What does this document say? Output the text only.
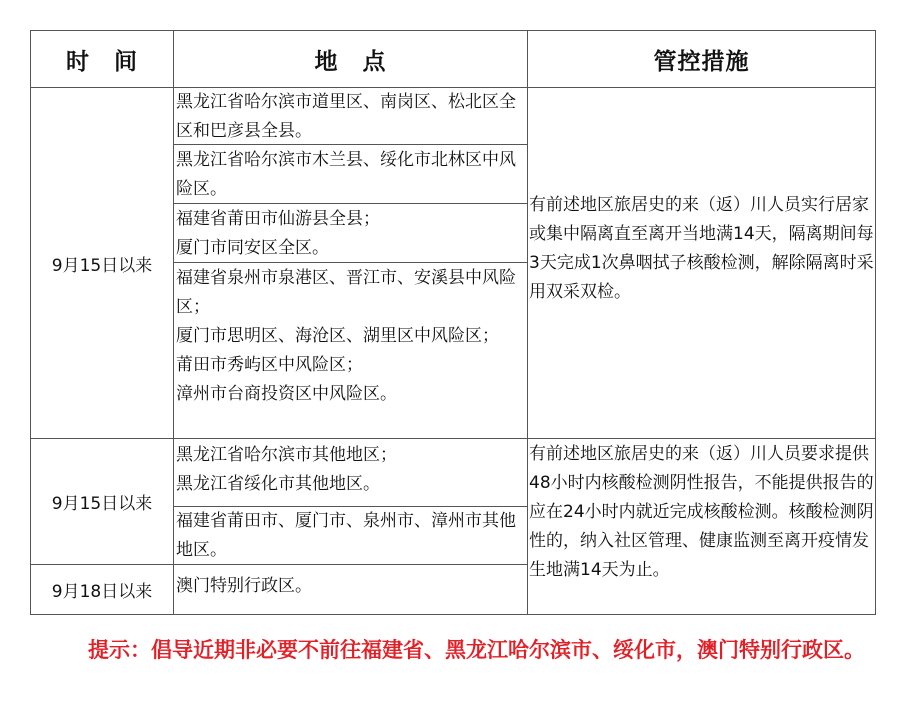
时　间	地　点	管控措施
9月15日以来
9月15日以来
9月18日以来
黑龙江省哈尔滨市道里区、南岗区、松北区全区和巴彦县全县。
黑龙江省哈尔滨市木兰县、绥化市北林区中风险区。
福建省莆田市仙游县全县；
厦门市同安区全区。
福建省泉州市泉港区、晋江市、安溪县中风险区；
厦门市思明区、海沧区、湖里区中风险区；
莆田市秀屿区中风险区；
漳州市台商投资区中风险区。
黑龙江省哈尔滨市其他地区；
黑龙江省绥化市其他地区。
福建省莆田市、厦门市、泉州市、漳州市其他地区。
澳门特别行政区。
有前述地区旅居史的来（返）川人员实行居家或集中隔离直至离开当地满14天，隔离期间每3天完成1次鼻咽拭子核酸检测，解除隔离时采用双采双检。
有前述地区旅居史的来（返）川人员要求提供48小时内核酸检测阴性报告，不能提供报告的应在24小时内就近完成核酸检测。核酸检测阴性的，纳入社区管理、健康监测至离开疫情发生地满14天为止。
提示：倡导近期非必要不前往福建省、黑龙江哈尔滨市、绥化市，澳门特别行政区。
